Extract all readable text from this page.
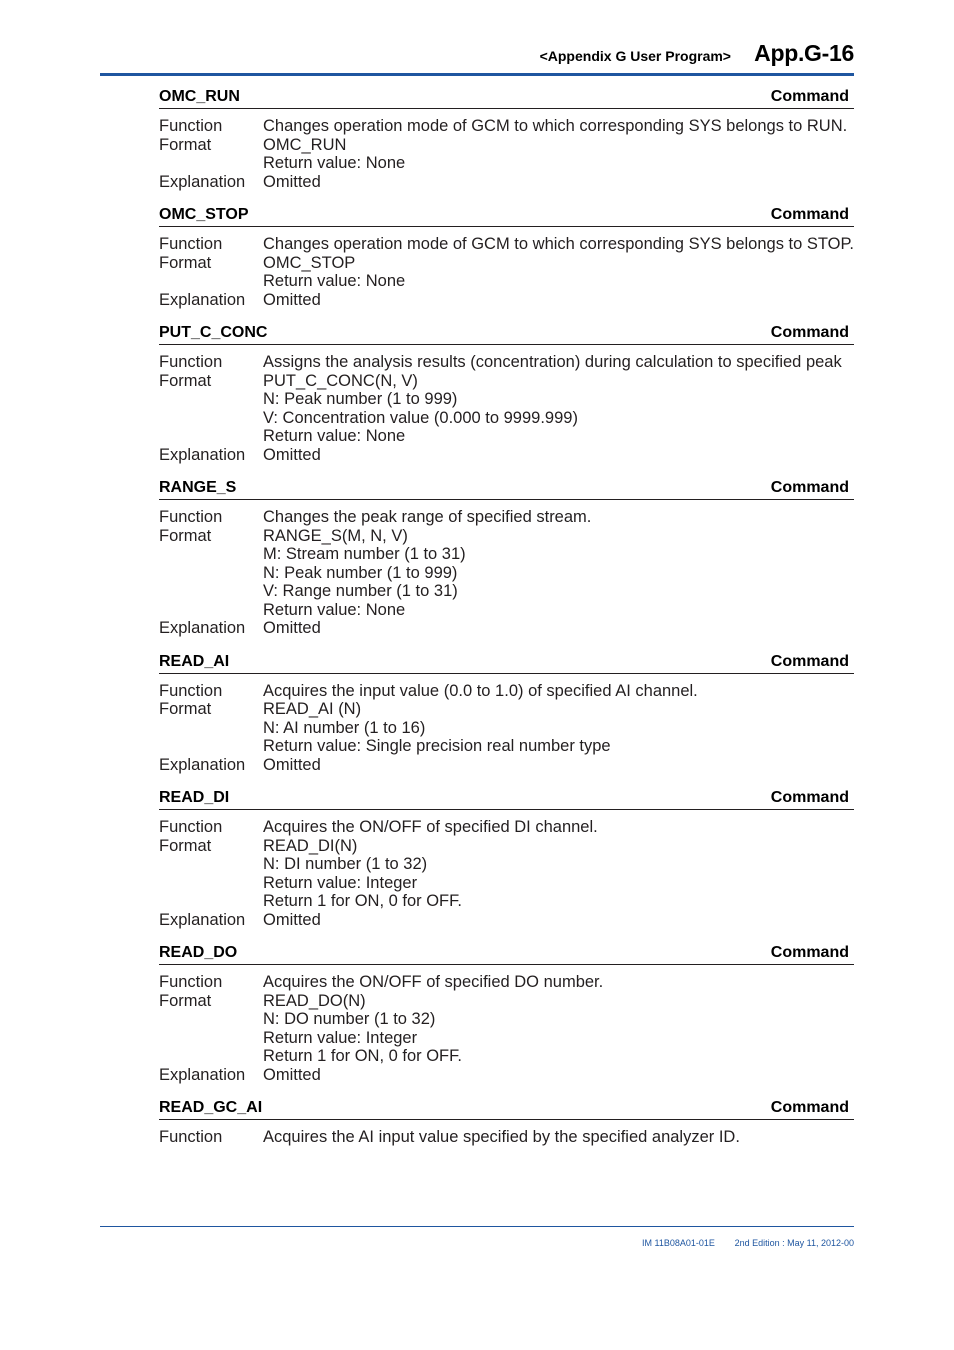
<Appendix G User Program> App.G-16
OMC_RUN	Command
Function	Changes operation mode of GCM to which corresponding SYS belongs to RUN.
Format	OMC_RUN
Return value: None
Explanation	Omitted
OMC_STOP	Command
Function	Changes operation mode of GCM to which corresponding SYS belongs to STOP.
Format	OMC_STOP
Return value: None
Explanation	Omitted
PUT_C_CONC	Command
Function	Assigns the analysis results (concentration) during calculation to specified peak
Format	PUT_C_CONC(N, V)
N: Peak number (1 to 999)
V: Concentration value (0.000 to 9999.999)
Return value: None
Explanation	Omitted
RANGE_S	Command
Function	Changes the peak range of specified stream.
Format	RANGE_S(M, N, V)
M: Stream number (1 to 31)
N: Peak number (1 to 999)
V: Range number (1 to 31)
Return value: None
Explanation	Omitted
READ_AI	Command
Function	Acquires the input value (0.0 to 1.0) of specified AI channel.
Format	READ_AI (N)
N: AI number (1 to 16)
Return value: Single precision real number type
Explanation	Omitted
READ_DI	Command
Function	Acquires the ON/OFF of specified DI channel.
Format	READ_DI(N)
N: DI number (1 to 32)
Return value: Integer
Return 1 for ON, 0 for OFF.
Explanation	Omitted
READ_DO	Command
Function	Acquires the ON/OFF of specified DO number.
Format	READ_DO(N)
N: DO number (1 to 32)
Return value: Integer
Return 1 for ON, 0 for OFF.
Explanation	Omitted
READ_GC_AI	Command
Function	Acquires the AI input value specified by the specified analyzer ID.
IM 11B08A01-01E 2nd Edition : May 11, 2012-00
